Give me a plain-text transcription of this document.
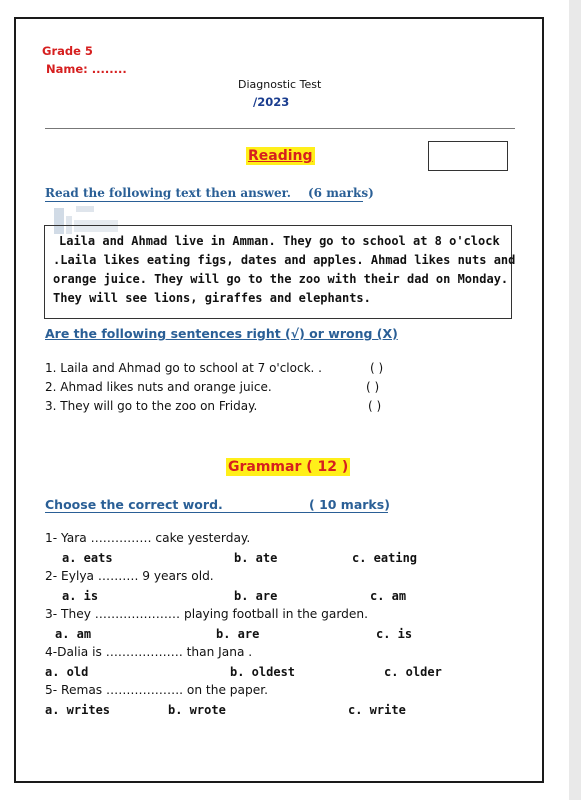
Grade 5
Name: ........
Diagnostic Test
/2023
Reading
Read the following text then answer. (6 marks)
Laila and Ahmad live in Amman. They go to school at 8 o'clock
.Laila likes eating figs, dates and apples. Ahmad likes nuts and
orange juice. They will go to the zoo with their dad on Monday.
They will see lions, giraffes and elephants.
Are the following sentences right (√) or wrong (X)
1. Laila and Ahmad go to school at 7 o'clock. .	( )
2. Ahmad likes nuts and orange juice.	( )
3. They will go to the zoo on Friday.	( )
Grammar ( 12 )
Choose the correct word.	( 10 marks)
1- Yara …………… cake yesterday.
a. eats	b. ate	c. eating
2- Eylya ………. 9 years old.
a. is	b. are	c. am
3- They ………………… playing football in the garden.
a. am	b. are	c. is
4-Dalia is ………………. than Jana .
a. old	b. oldest	c. older
5- Remas ………………. on the paper.
a. writes	b. wrote	c. write
